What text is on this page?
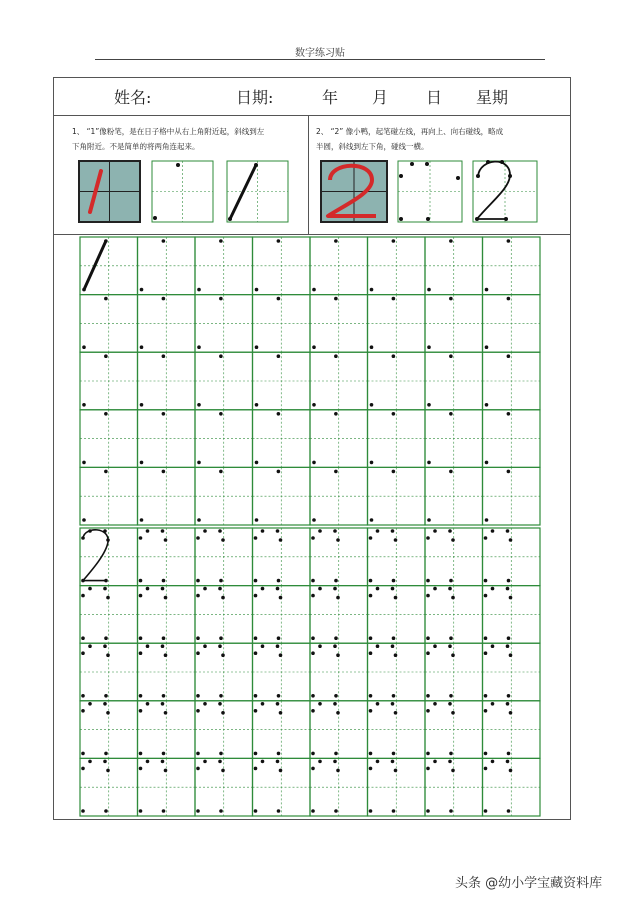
数字练习贴
姓名:	日期:	年 月 日 星期
1、 “1”像粉笔，是在日子格中从右上角附近起，斜线到左
下角附近。不是简单的将两角连起来。
2、 “2” 像小鸭，起笔碰左线，再向上、向右碰线，略成
半圆，斜线到左下角，碰线一横。
头条 @幼小学宝藏资料库
